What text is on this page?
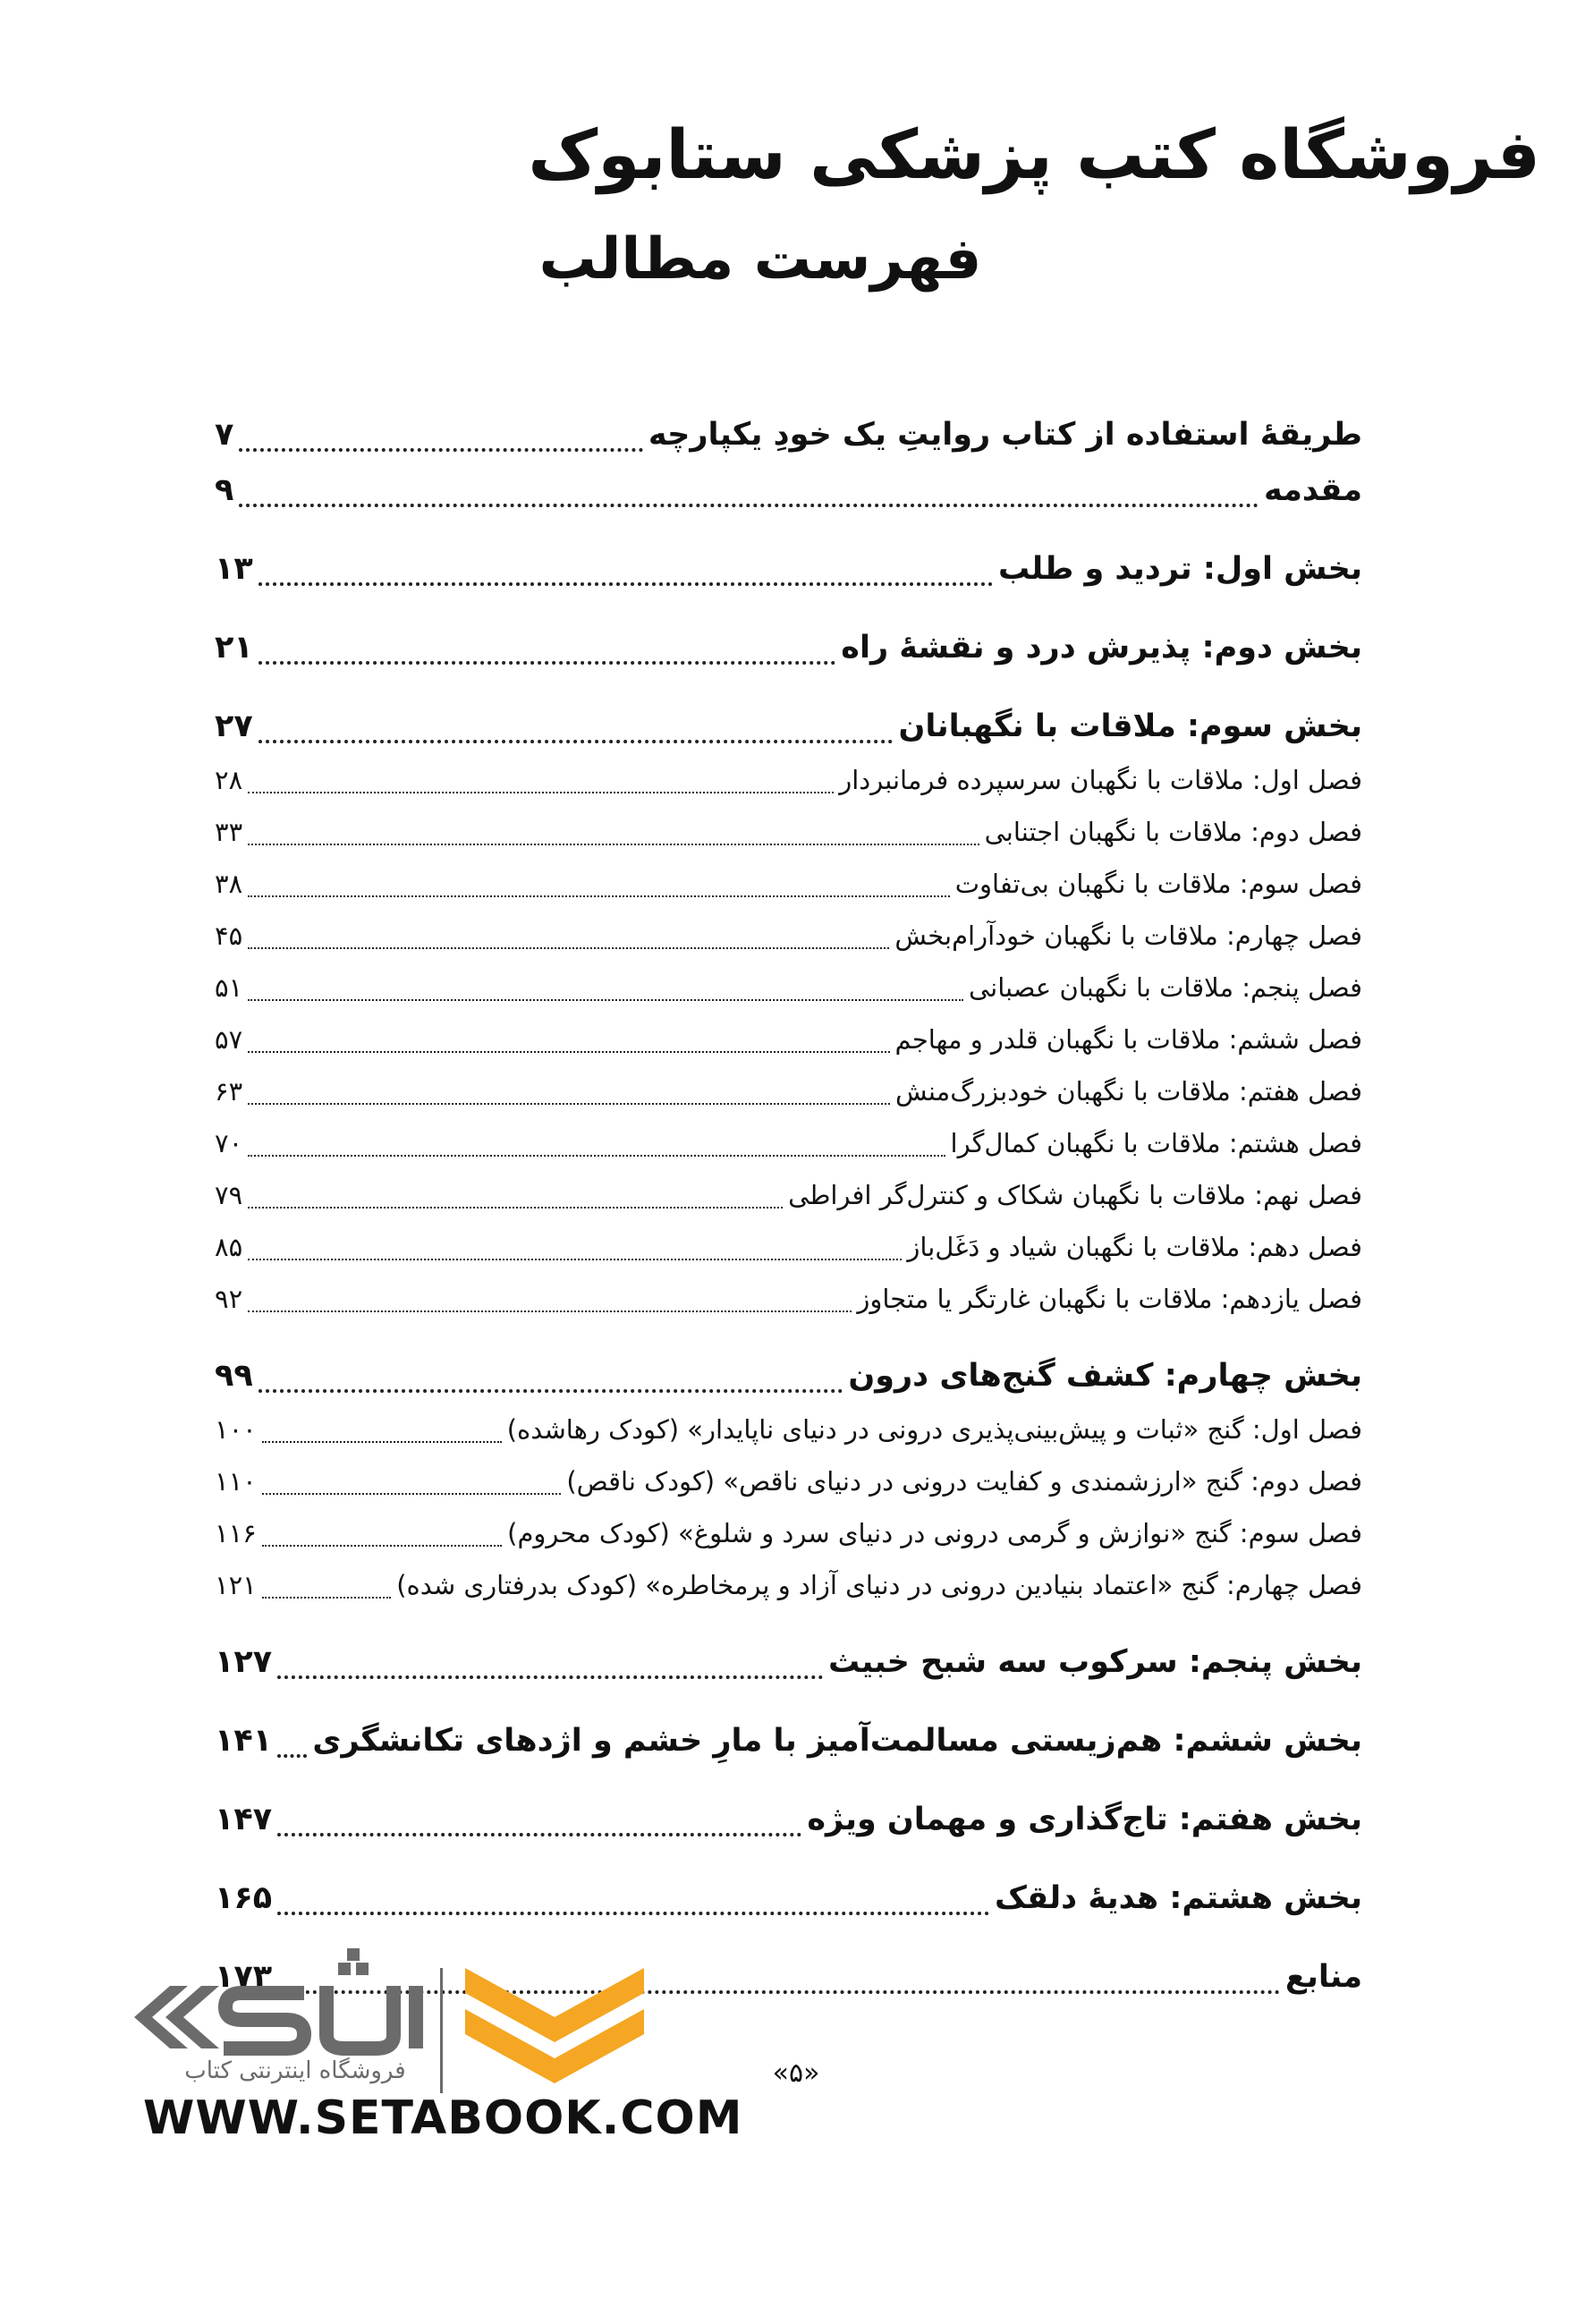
فروشگاه کتب پزشکی ستابوک
فهرست مطالب
طریقهٔ استفاده از کتاب روایتِ یک خودِ یکپارچه
۷
مقدمه
۹
بخش اول: تردید و طلب
۱۳
بخش دوم: پذیرش درد و نقشهٔ راه
۲۱
بخش سوم: ملاقات با نگهبانان
۲۷
فصل اول: ملاقات با نگهبان سرسپرده فرمانبردار
۲۸
فصل دوم: ملاقات با نگهبان اجتنابی
۳۳
فصل سوم: ملاقات با نگهبان بی‌تفاوت
۳۸
فصل چهارم: ملاقات با نگهبان خودآرام‌بخش
۴۵
فصل پنجم: ملاقات با نگهبان عصبانی
۵۱
فصل ششم: ملاقات با نگهبان قلدر و مهاجم
۵۷
فصل هفتم: ملاقات با نگهبان خودبزرگ‌منش
۶۳
فصل هشتم: ملاقات با نگهبان کمال‌گرا
۷۰
فصل نهم: ملاقات با نگهبان شکاک و کنترل‌گر افراطی
۷۹
فصل دهم: ملاقات با نگهبان شیاد و دَغَل‌باز
۸۵
فصل یازدهم: ملاقات با نگهبان غارتگر یا متجاوز
۹۲
بخش چهارم: کشف گنج‌های درون
۹۹
فصل اول: گنج «ثبات و پیش‌بینی‌پذیری درونی در دنیای ناپایدار» (کودک رهاشده)
۱۰۰
فصل دوم: گنج «ارزشمندی و کفایت درونی در دنیای ناقص» (کودک ناقص)
۱۱۰
فصل سوم: گنج «نوازش و گرمی درونی در دنیای سرد و شلوغ» (کودک محروم)
۱۱۶
فصل چهارم: گنج «اعتماد بنیادین درونی در دنیای آزاد و پرمخاطره» (کودک بدرفتاری شده)
۱۲۱
بخش پنجم: سرکوب سه شبح خبیث
۱۲۷
بخش ششم: هم‌زیستی مسالمت‌آمیز با مارِ خشم و اژدهای تکانشگری
۱۴۱
بخش هفتم: تاج‌گذاری و مهمان ویژه
۱۴۷
بخش هشتم: هدیهٔ دلقک
۱۶۵
منابع
۱۷۳
فروشگاه اینترنتی کتاب	«۵»
WWW.SETABOOK.COM
